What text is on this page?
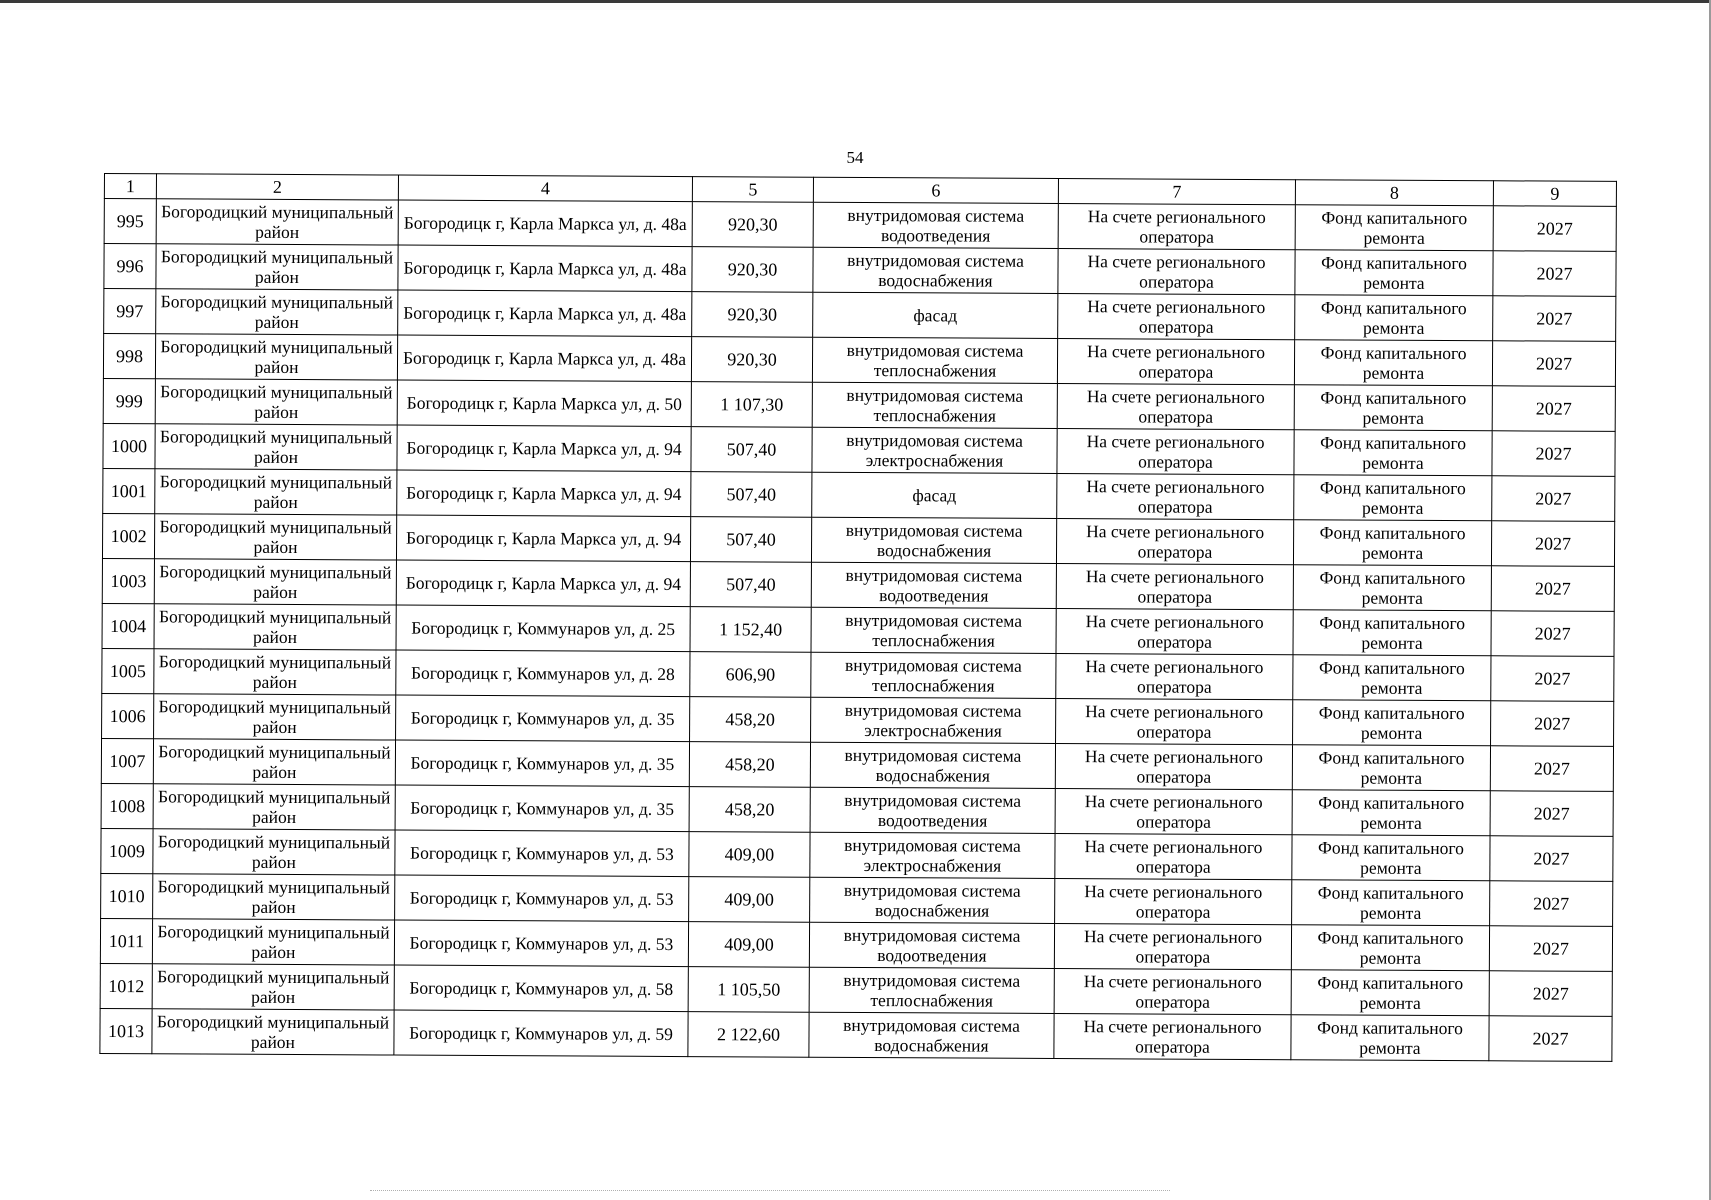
54
1	2	4	5	6	7	8	9
995	Богородицкий муниципальный район	Богородицк г, Карла Маркса ул, д. 48а	920,30	внутридомовая система водоотведения	На счете регионального оператора	Фонд капитального ремонта	2027
996	Богородицкий муниципальный район	Богородицк г, Карла Маркса ул, д. 48а	920,30	внутридомовая система водоснабжения	На счете регионального оператора	Фонд капитального ремонта	2027
997	Богородицкий муниципальный район	Богородицк г, Карла Маркса ул, д. 48а	920,30	фасад	На счете регионального оператора	Фонд капитального ремонта	2027
998	Богородицкий муниципальный район	Богородицк г, Карла Маркса ул, д. 48а	920,30	внутридомовая система теплоснабжения	На счете регионального оператора	Фонд капитального ремонта	2027
999	Богородицкий муниципальный район	Богородицк г, Карла Маркса ул, д. 50	1 107,30	внутридомовая система теплоснабжения	На счете регионального оператора	Фонд капитального ремонта	2027
1000	Богородицкий муниципальный район	Богородицк г, Карла Маркса ул, д. 94	507,40	внутридомовая система электроснабжения	На счете регионального оператора	Фонд капитального ремонта	2027
1001	Богородицкий муниципальный район	Богородицк г, Карла Маркса ул, д. 94	507,40	фасад	На счете регионального оператора	Фонд капитального ремонта	2027
1002	Богородицкий муниципальный район	Богородицк г, Карла Маркса ул, д. 94	507,40	внутридомовая система водоснабжения	На счете регионального оператора	Фонд капитального ремонта	2027
1003	Богородицкий муниципальный район	Богородицк г, Карла Маркса ул, д. 94	507,40	внутридомовая система водоотведения	На счете регионального оператора	Фонд капитального ремонта	2027
1004	Богородицкий муниципальный район	Богородицк г, Коммунаров ул, д. 25	1 152,40	внутридомовая система теплоснабжения	На счете регионального оператора	Фонд капитального ремонта	2027
1005	Богородицкий муниципальный район	Богородицк г, Коммунаров ул, д. 28	606,90	внутридомовая система теплоснабжения	На счете регионального оператора	Фонд капитального ремонта	2027
1006	Богородицкий муниципальный район	Богородицк г, Коммунаров ул, д. 35	458,20	внутридомовая система электроснабжения	На счете регионального оператора	Фонд капитального ремонта	2027
1007	Богородицкий муниципальный район	Богородицк г, Коммунаров ул, д. 35	458,20	внутридомовая система водоснабжения	На счете регионального оператора	Фонд капитального ремонта	2027
1008	Богородицкий муниципальный район	Богородицк г, Коммунаров ул, д. 35	458,20	внутридомовая система водоотведения	На счете регионального оператора	Фонд капитального ремонта	2027
1009	Богородицкий муниципальный район	Богородицк г, Коммунаров ул, д. 53	409,00	внутридомовая система электроснабжения	На счете регионального оператора	Фонд капитального ремонта	2027
1010	Богородицкий муниципальный район	Богородицк г, Коммунаров ул, д. 53	409,00	внутридомовая система водоснабжения	На счете регионального оператора	Фонд капитального ремонта	2027
1011	Богородицкий муниципальный район	Богородицк г, Коммунаров ул, д. 53	409,00	внутридомовая система водоотведения	На счете регионального оператора	Фонд капитального ремонта	2027
1012	Богородицкий муниципальный район	Богородицк г, Коммунаров ул, д. 58	1 105,50	внутридомовая система теплоснабжения	На счете регионального оператора	Фонд капитального ремонта	2027
1013	Богородицкий муниципальный район	Богородицк г, Коммунаров ул, д. 59	2 122,60	внутридомовая система водоснабжения	На счете регионального оператора	Фонд капитального ремонта	2027
